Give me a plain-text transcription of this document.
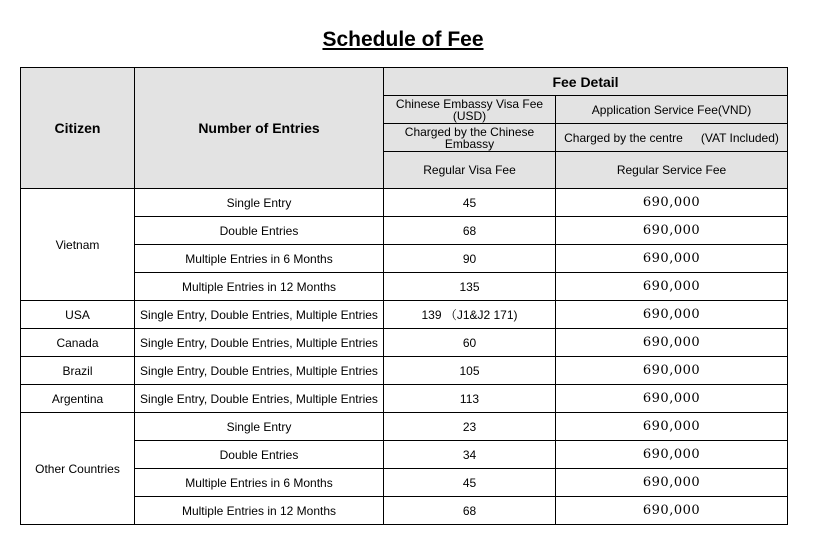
Schedule of Fee
Citizen	Number of Entries	Fee Detail	
		Chinese Embassy Visa Fee (USD)	Application Service Fee(VND)
		Charged by the Chinese Embassy	Charged by the centre (VAT Included)
		Regular Visa Fee	Regular Service Fee
Vietnam	Single Entry	45	690,000
	Double Entries	68	690,000
	Multiple Entries in 6 Months	90	690,000
	Multiple Entries in 12 Months	135	690,000
USA	Single Entry, Double Entries, Multiple Entries	139 （J1&J2 171)	690,000
Canada	Single Entry, Double Entries, Multiple Entries	60	690,000
Brazil	Single Entry, Double Entries, Multiple Entries	105	690,000
Argentina	Single Entry, Double Entries, Multiple Entries	113	690,000
Other Countries	Single Entry	23	690,000
	Double Entries	34	690,000
	Multiple Entries in 6 Months	45	690,000
	Multiple Entries in 12 Months	68	690,000
